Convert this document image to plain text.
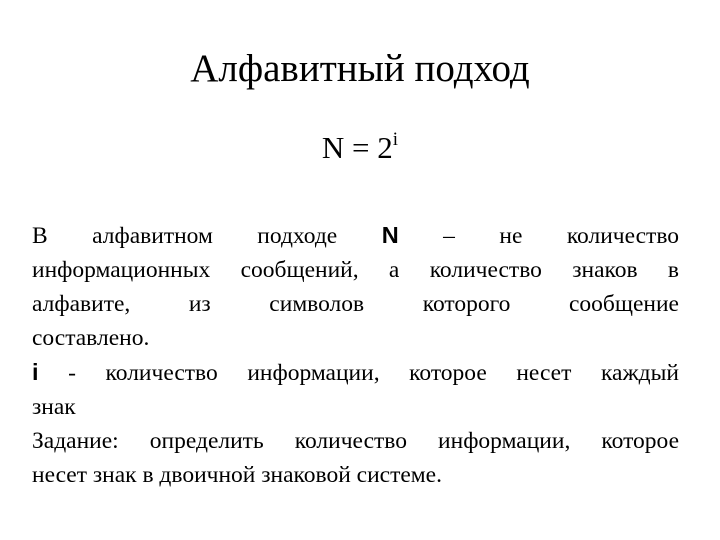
Алфавитный подход
$N = 2^i$
В алфавитном подходе N – не количество
информационных сообщений, а количество знаков в
алфавите, из символов которого сообщение
составлено.
i - количество информации, которое несет каждый
знак
Задание: определить количество информации, которое
несет знак в двоичной знаковой системе.
